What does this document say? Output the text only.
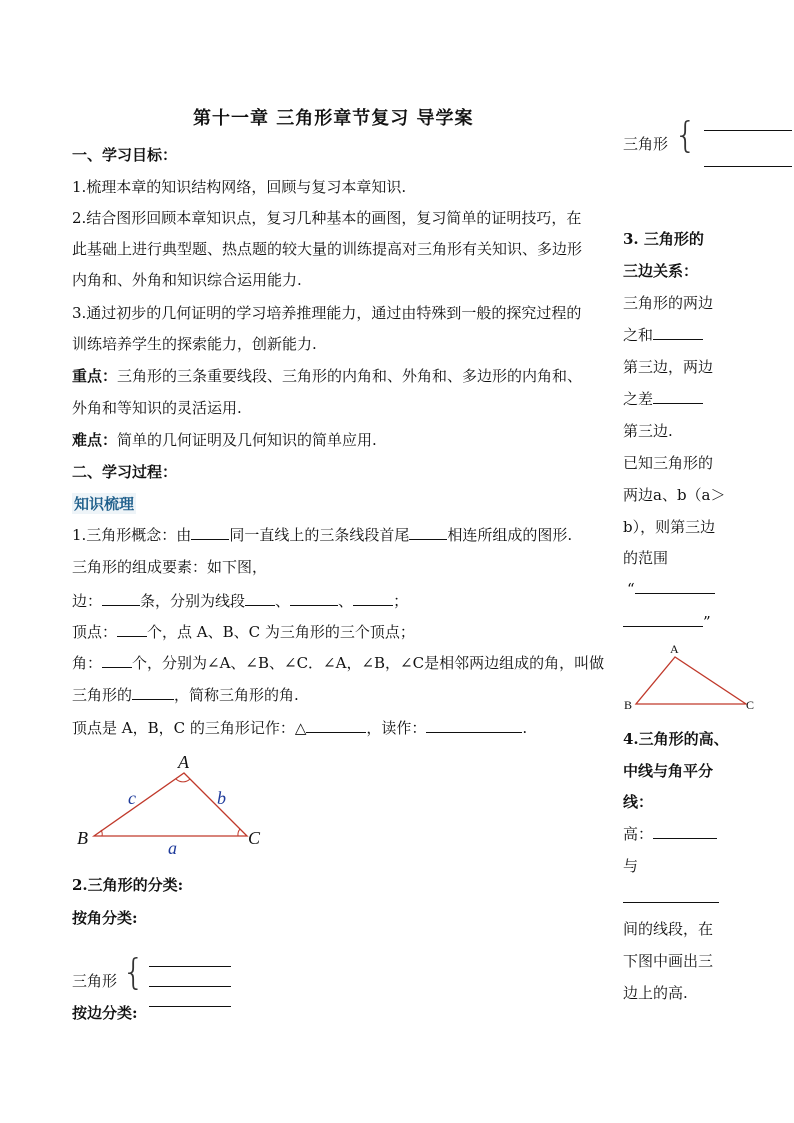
第十一章 三角形章节复习 导学案
一、学习目标：
1.梳理本章的知识结构网络，回顾与复习本章知识.
2.结合图形回顾本章知识点，复习几种基本的画图，复习简单的证明技巧，在
此基础上进行典型题、热点题的较大量的训练提高对三角形有关知识、多边形
内角和、外角和知识综合运用能力.
3.通过初步的几何证明的学习培养推理能力，通过由特殊到一般的探究过程的
训练培养学生的探索能力，创新能力.
重点：三角形的三条重要线段、三角形的内角和、外角和、多边形的内角和、
外角和等知识的灵活运用.
难点：简单的几何证明及几何知识的简单应用.
二、学习过程：
知识梳理
1.三角形概念：由	同一直线上的三条线段首尾	相连所组成的图形.
三角形的组成要素：如下图，
边：	条，分别为线段 、	、	；
顶点： 个，点 A、B、C 为三角形的三个顶点；
角： 个，分别为∠A、∠B、∠C．∠A，∠B，∠C是相邻两边组成的角，叫做
三角形的	，简称三角形的角.
顶点是 A，B，C 的三角形记作：△	，读作：	.
A
B	C
a
b
c
2.三角形的分类:
按角分类:
三角形 {
按边分类:
三角形 {
3. 三角形的
三边关系：
三角形的两边
之和
第三边，两边
之差
第三边.
已知三角形的
两边a、b（a＞
b），则第三边
的范围
“
”
A
B	C
4.三角形的高、
中线与角平分
线：
高：
与
间的线段，在
下图中画出三
边上的高.
